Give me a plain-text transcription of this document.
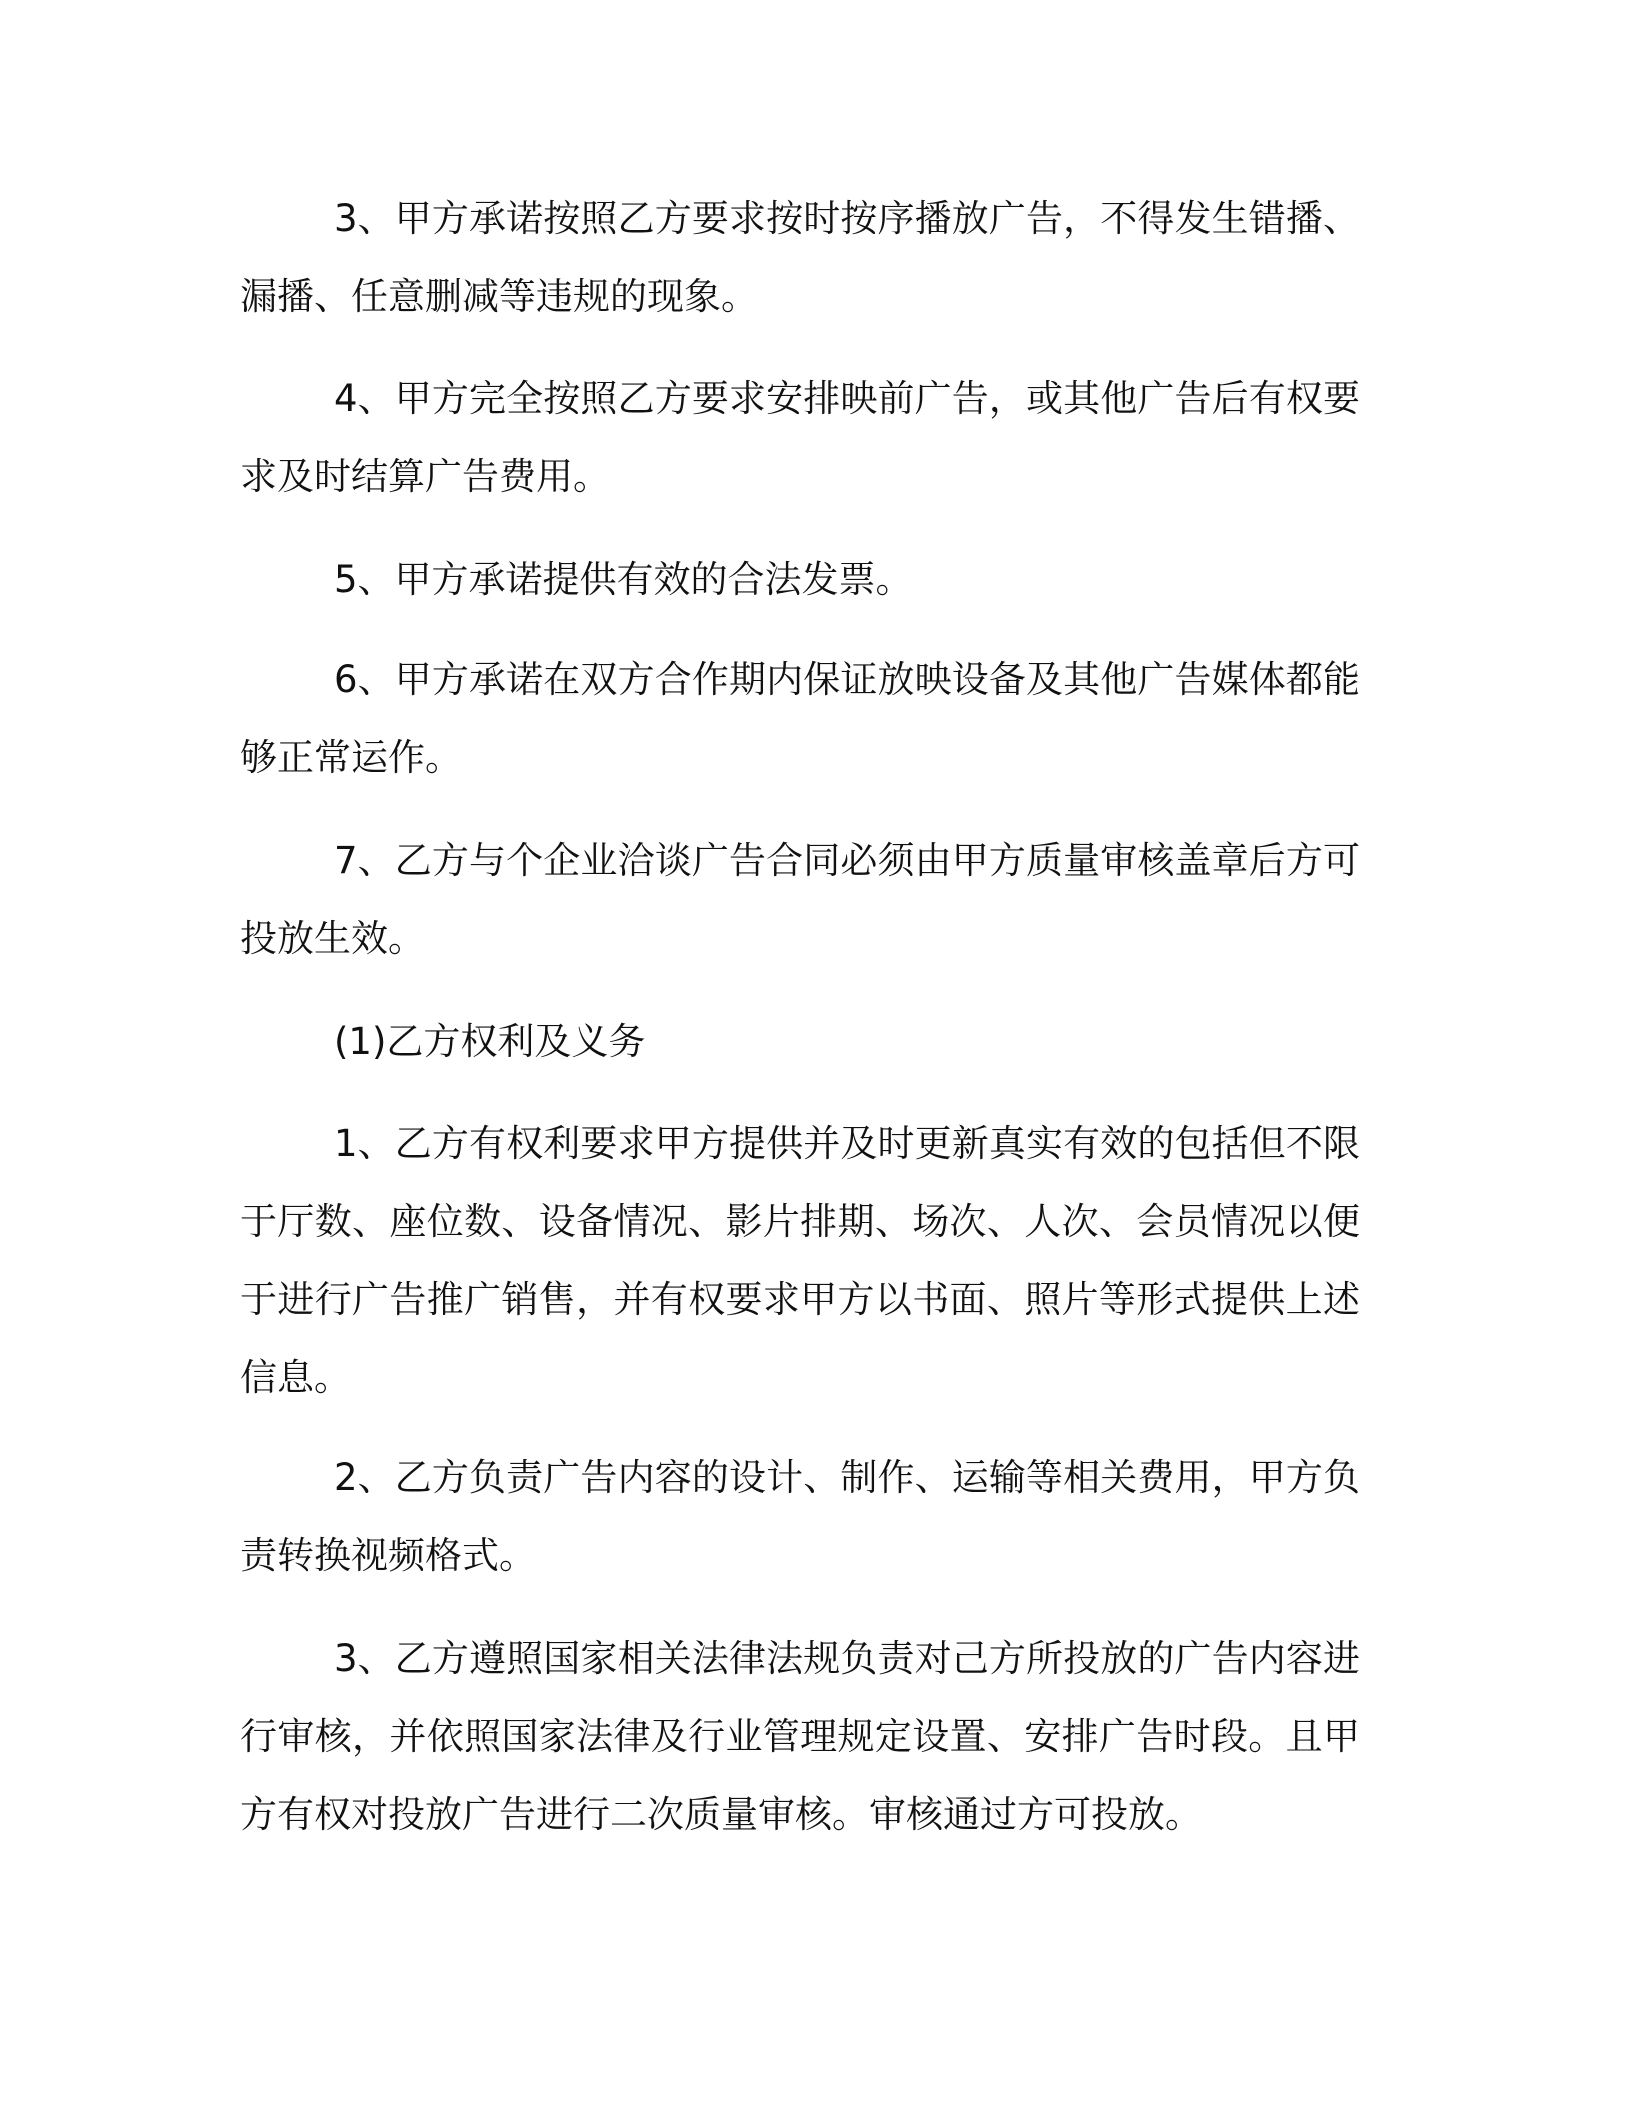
3、甲方承诺按照乙方要求按时按序播放广告，不得发生错播、漏播、任意删减等违规的现象。

4、甲方完全按照乙方要求安排映前广告，或其他广告后有权要求及时结算广告费用。

5、甲方承诺提供有效的合法发票。

6、甲方承诺在双方合作期内保证放映设备及其他广告媒体都能够正常运作。

7、乙方与个企业洽谈广告合同必须由甲方质量审核盖章后方可投放生效。

(1)乙方权利及义务

1、乙方有权利要求甲方提供并及时更新真实有效的包括但不限于厅数、座位数、设备情况、影片排期、场次、人次、会员情况以便于进行广告推广销售，并有权要求甲方以书面、照片等形式提供上述信息。

2、乙方负责广告内容的设计、制作、运输等相关费用，甲方负责转换视频格式。

3、乙方遵照国家相关法律法规负责对己方所投放的广告内容进行审核，并依照国家法律及行业管理规定设置、安排广告时段。且甲方有权对投放广告进行二次质量审核。审核通过方可投放。
